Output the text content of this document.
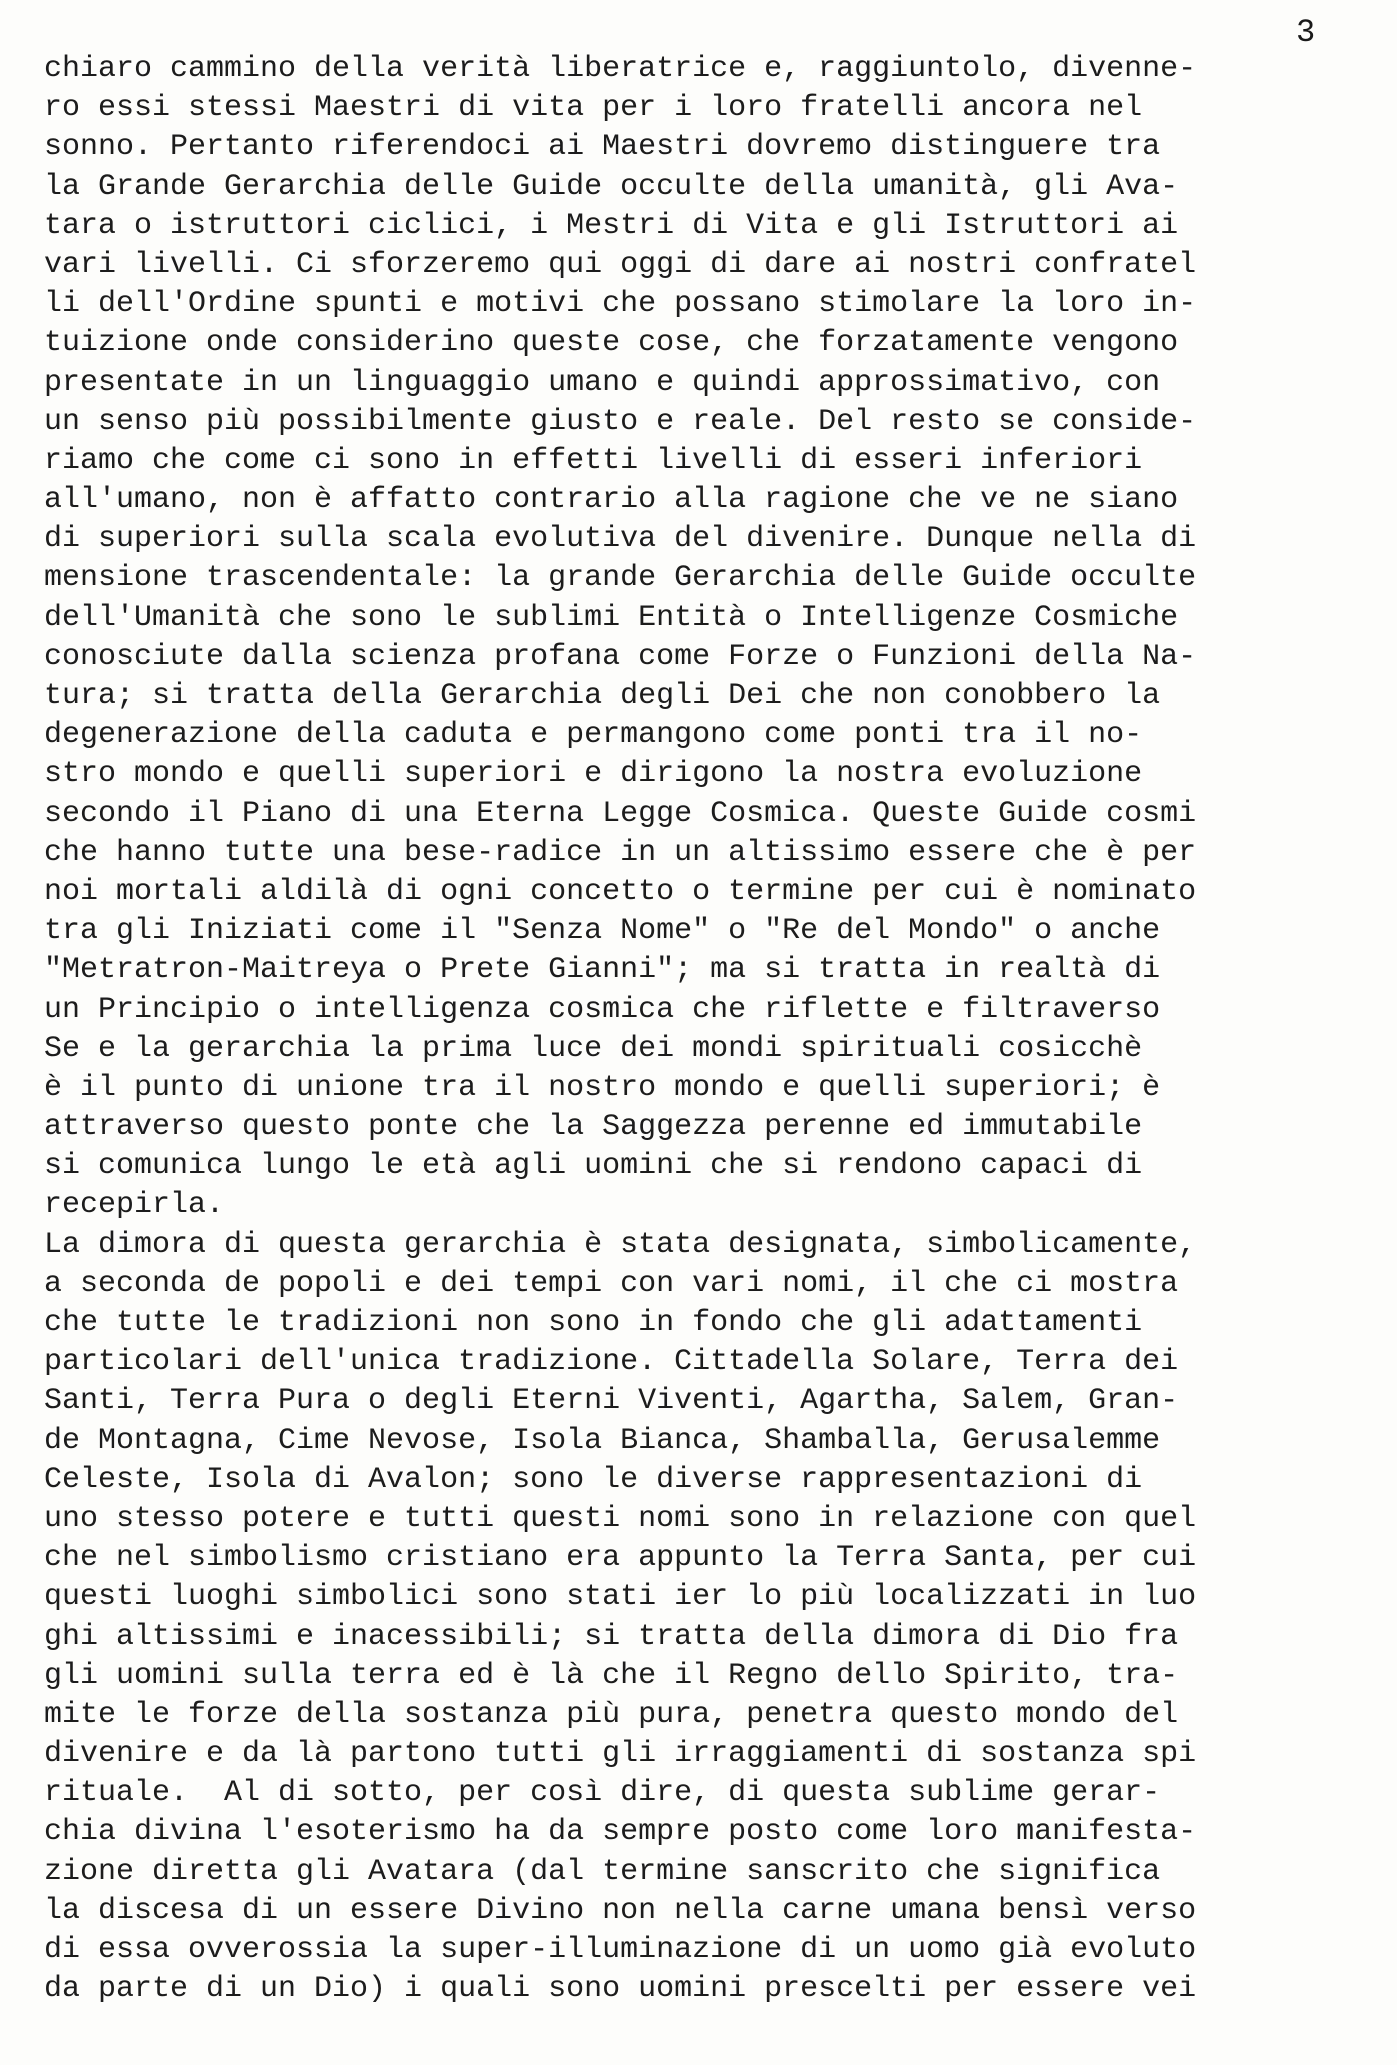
3
chiaro cammino della verità liberatrice e, raggiuntolo, divenne-
ro essi stessi Maestri di vita per i loro fratelli ancora nel
sonno. Pertanto riferendoci ai Maestri dovremo distinguere tra
la Grande Gerarchia delle Guide occulte della umanità, gli Ava-
tara o istruttori ciclici, i Mestri di Vita e gli Istruttori ai
vari livelli. Ci sforzeremo qui oggi di dare ai nostri confratel
li dell'Ordine spunti e motivi che possano stimolare la loro in-
tuizione onde considerino queste cose, che forzatamente vengono
presentate in un linguaggio umano e quindi approssimativo, con
un senso più possibilmente giusto e reale. Del resto se conside-
riamo che come ci sono in effetti livelli di esseri inferiori
all'umano, non è affatto contrario alla ragione che ve ne siano
di superiori sulla scala evolutiva del divenire. Dunque nella di
mensione trascendentale: la grande Gerarchia delle Guide occulte
dell'Umanità che sono le sublimi Entità o Intelligenze Cosmiche
conosciute dalla scienza profana come Forze o Funzioni della Na-
tura; si tratta della Gerarchia degli Dei che non conobbero la
degenerazione della caduta e permangono come ponti tra il no-
stro mondo e quelli superiori e dirigono la nostra evoluzione
secondo il Piano di una Eterna Legge Cosmica. Queste Guide cosmi
che hanno tutte una bese-radice in un altissimo essere che è per
noi mortali aldilà di ogni concetto o termine per cui è nominato
tra gli Iniziati come il "Senza Nome" o "Re del Mondo" o anche
"Metratron-Maitreya o Prete Gianni"; ma si tratta in realtà di
un Principio o intelligenza cosmica che riflette e filtraverso
Se e la gerarchia la prima luce dei mondi spirituali cosicchè
è il punto di unione tra il nostro mondo e quelli superiori; è
attraverso questo ponte che la Saggezza perenne ed immutabile
si comunica lungo le età agli uomini che si rendono capaci di
recepirla.
La dimora di questa gerarchia è stata designata, simbolicamente,
a seconda de popoli e dei tempi con vari nomi, il che ci mostra
che tutte le tradizioni non sono in fondo che gli adattamenti
particolari dell'unica tradizione. Cittadella Solare, Terra dei
Santi, Terra Pura o degli Eterni Viventi, Agartha, Salem, Gran-
de Montagna, Cime Nevose, Isola Bianca, Shamballa, Gerusalemme
Celeste, Isola di Avalon; sono le diverse rappresentazioni di
uno stesso potere e tutti questi nomi sono in relazione con quel
che nel simbolismo cristiano era appunto la Terra Santa, per cui
questi luoghi simbolici sono stati ier lo più localizzati in luo
ghi altissimi e inacessibili; si tratta della dimora di Dio fra
gli uomini sulla terra ed è là che il Regno dello Spirito, tra-
mite le forze della sostanza più pura, penetra questo mondo del
divenire e da là partono tutti gli irraggiamenti di sostanza spi
rituale.  Al di sotto, per così dire, di questa sublime gerar-
chia divina l'esoterismo ha da sempre posto come loro manifesta-
zione diretta gli Avatara (dal termine sanscrito che significa
la discesa di un essere Divino non nella carne umana bensì verso
di essa ovverossia la super-illuminazione di un uomo già evoluto
da parte di un Dio) i quali sono uomini prescelti per essere vei
